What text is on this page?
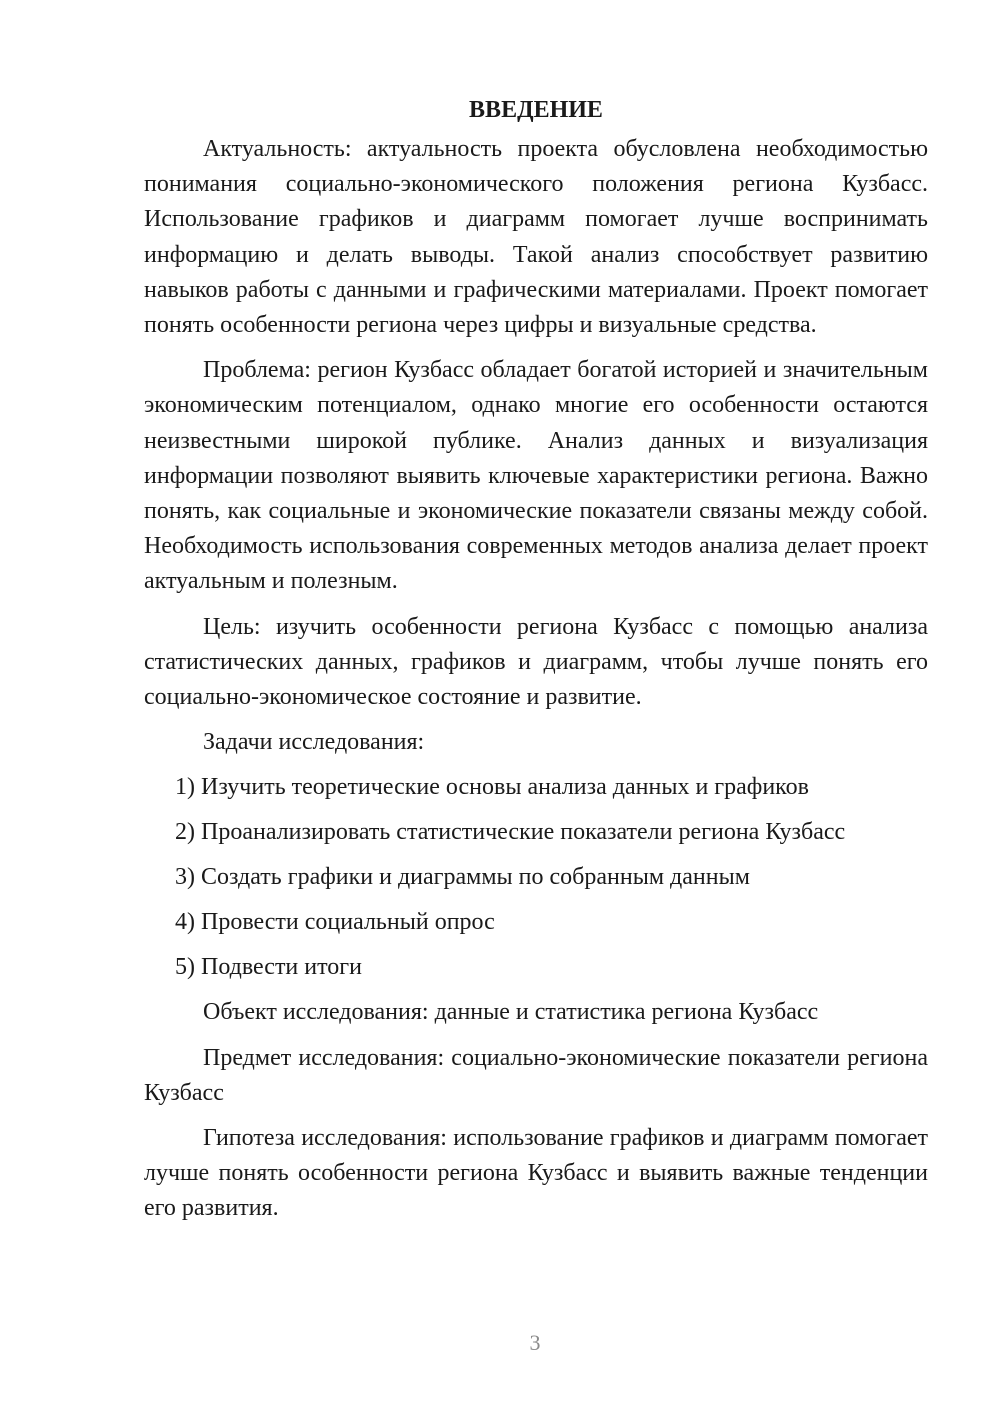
ВВЕДЕНИЕ

Актуальность: актуальность проекта обусловлена необходимостью понимания социально-экономического положения региона Кузбасс. Использование графиков и диаграмм помогает лучше воспринимать информацию и делать выводы. Такой анализ способствует развитию навыков работы с данными и графическими материалами. Проект помогает понять особенности региона через цифры и визуальные средства.

Проблема: регион Кузбасс обладает богатой историей и значительным экономическим потенциалом, однако многие его особенности остаются неизвестными широкой публике. Анализ данных и визуализация информации позволяют выявить ключевые характеристики региона. Важно понять, как социальные и экономические показатели связаны между собой. Необходимость использования современных методов анализа делает проект актуальным и полезным.

Цель: изучить особенности региона Кузбасс с помощью анализа статистических данных, графиков и диаграмм, чтобы лучше понять его социально-экономическое состояние и развитие.

Задачи исследования:

1) Изучить теоретические основы анализа данных и графиков
2) Проанализировать статистические показатели региона Кузбасс
3) Создать графики и диаграммы по собранным данным
4) Провести социальный опрос
5) Подвести итоги

Объект исследования: данные и статистика региона Кузбасс

Предмет исследования: социально-экономические показатели региона Кузбасс

Гипотеза исследования: использование графиков и диаграмм помогает лучше понять особенности региона Кузбасс и выявить важные тенденции его развития.

3
